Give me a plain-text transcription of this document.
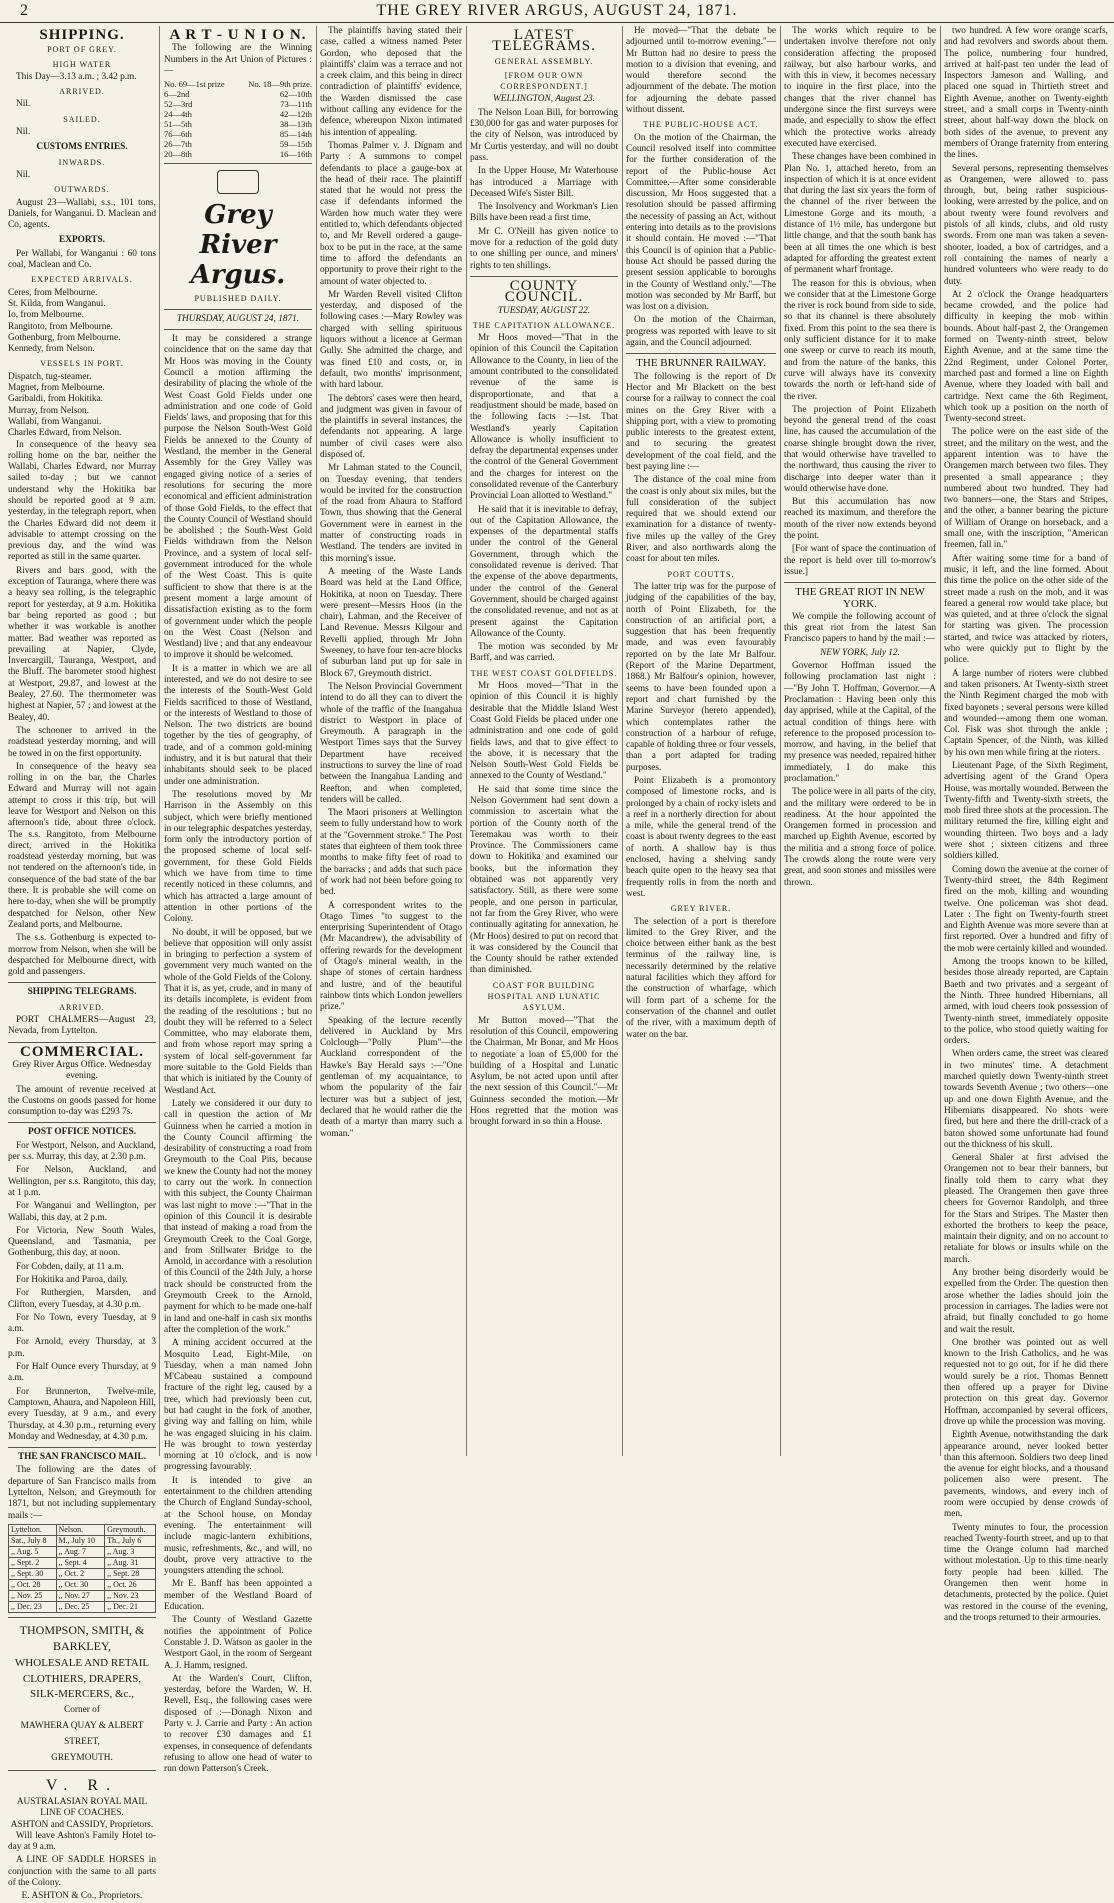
2	THE GREY RIVER ARGUS, AUGUST 24, 1871.
SHIPPING.
PORT OF GREY.
HIGH WATER

This Day—3.13 a.m. ; 3.42 p.m.

ARRIVED.

Nil.

SAILED.

Nil.

CUSTOMS ENTRIES.
INWARDS.

Nil.

OUTWARDS.

August 23—Wallabi, s.s., 101 tons, Daniels, for Wanganui. D. Maclean and Co, agents.

EXPORTS.

Per Wallabi, for Wanganui : 60 tons coal, Maclean and Co.

EXPECTED ARRIVALS.
Ceres, from Melbourne.
St. Kilda, from Wanganui.
Io, from Melbourne.
Rangitoto, from Melbourne.
Gothenburg, from Melbourne.
Kennedy, from Nelson.
VESSELS IN PORT.
Dispatch, tug-steamer.
Magnet, from Melbourne.
Garibaldi, from Hokitika.
Murray, from Nelson.
Wallabi, from Wanganui.
Charles Edward, from Nelson.

In consequence of the heavy sea rolling home on the bar, neither the Wallabi, Charles Edward, nor Murray sailed to-day ; but we cannot understand why the Hokitika bar should be reported good at 9 a.m. yesterday, in the telegraph report, when the Charles Edward did not deem it advisable to attempt crossing on the previous day, and the wind was reported as still in the same quarter.

Rivers and bars good, with the exception of Tauranga, where there was a heavy sea rolling, is the telegraphic report for yesterday, at 9 a.m. Hokitika bar being reported as good ; but whether it was workable is another matter. Bad weather was reported as prevailing at Napier, Clyde, Invercargill, Tauranga, Westport, and the Bluff. The barometer stood highest at Westport, 29.87, and lowest at the Bealey, 27.60. The thermometer was highest at Napier, 57 ; and lowest at the Bealey, 40.

The schooner to arrived in the roadstead yesterday morning, and will be towed in on the first opportunity.

In consequence of the heavy sea rolling in on the bar, the Charles Edward and Murray will not again attempt to cross it this trip, but will leave for Westport and Nelson on this afternoon's tide, about three o'clock. The s.s. Rangitoto, from Melbourne direct, arrived in the Hokitika roadstead yesterday morning, but was not tendered on the afternoon's tide, in consequence of the bad state of the bar there. It is probable she will come on here to-day, when she will be promptly despatched for Nelson, other New Zealand ports, and Melbourne.

The s.s. Gothenburg is expected to-morrow from Nelson, when she will be despatched for Melbourne direct, with gold and passengers.

SHIPPING TELEGRAMS.
ARRIVED.

PORT CHALMERS—August 23, Nevada, from Lyttelton.

COMMERCIAL.

Grey River Argus Office. Wednesday evening.

The amount of revenue received at the Customs on goods passed for home consumption to-day was £293 7s.

POST OFFICE NOTICES.

For Westport, Nelson, and Auckland, per s.s. Murray, this day, at 2.30 p.m.

For Nelson, Auckland, and Wellington, per s.s. Rangitoto, this day, at 1 p.m.

For Wanganui and Wellington, per Wallabi, this day, at 2 p.m.

For Victoria, New South Wales, Queensland, and Tasmania, per Gothenburg, this day, at noon.

For Cobden, daily, at 11 a.m.

For Hokitika and Paroa, daily.

For Ruthergien, Marsden, and Clifton, every Tuesday, at 4.30 p.m.

For No Town, every Tuesday, at 9 a.m.

For Arnold, every Thursday, at 3 p.m.

For Half Ounce every Thursday, at 9 a.m.

For Brunnerton, Twelve-mile, Camptown, Ahaura, and Napoleon Hill, every Tuesday, at 9 a.m., and every Thursday, at 4.30 p.m., returning every Monday and Wednesday, at 4.30 p.m.

THE SAN FRANCISCO MAIL.

The following are the dates of departure of San Francisco mails from Lyttelton, Nelson, and Greymouth for 1871, but not including supplementary mails :—

Lyttelton.	Nelson.	Greymouth.
Sat., July 8	M., July 10	Th., July 6
,, Aug. 5	,, Aug. 7	,, Aug. 3
,, Sept. 2	,, Sept. 4	,, Aug. 31
,, Sept. 30	,, Oct. 2	,, Sept. 28
,, Oct. 28	,, Oct. 30	,, Oct. 26
,, Nov. 25	,, Nov. 27	,, Nov. 23
,, Dec. 23	,, Dec. 25	,, Dec. 21
THOMPSON, SMITH, & BARKLEY,
WHOLESALE AND RETAIL
CLOTHIERS, DRAPERS, SILK-MERCERS, &c.,
Corner of
MAWHERA QUAY & ALBERT STREET,
GREYMOUTH.
V. R.
AUSTRALASIAN ROYAL MAIL LINE OF COACHES.
ASHTON and CASSIDY, Proprietors.

Will leave Ashton's Family Hotel to-day at 9 a.m.

A LINE OF SADDLE HORSES in conjunction with the same to all parts of the Colony.

E. ASHTON & Co., Proprietors.
A R T - U N I O N.

The following are the Winning Numbers in the Art Union of Pictures :—

No. 69—1st prize	No. 18—9th prize.
6—2nd	62—10th
52—3rd	73—11th
24—4th	42—12th
51—5th	38—13th
76—6th	85—14th
26—7th	59—15th
20—8th	16—16th
Grey River Argus.
PUBLISHED DAILY.
THURSDAY, AUGUST 24, 1871.

It may be considered a strange coincidence that on the same day that Mr Hoos was moving in the County Council a motion affirming the desirability of placing the whole of the West Coast Gold Fields under one administration and one code of Gold Fields' laws, and proposing that for this purpose the Nelson South-West Gold Fields be annexed to the County of Westland, the member in the General Assembly for the Grey Valley was engaged giving notice of a series of resolutions for securing the more economical and efficient administration of those Gold Fields, to the effect that the County Council of Westland should be abolished ; the South-West Gold Fields withdrawn from the Nelson Province, and a system of local self-government introduced for the whole of the West Coast. This is quite sufficient to show that there is at the present moment a large amount of dissatisfaction existing as to the form of government under which the people on the West Coast (Nelson and Westland) live ; and that any endeavour to improve it should be welcomed.

It is a matter in which we are all interested, and we do not desire to see the interests of the South-West Gold Fields sacrificed to those of Westland, or the interests of Westland to those of Nelson. The two districts are bound together by the ties of geography, of trade, and of a common gold-mining industry, and it is but natural that their inhabitants should seek to be placed under one administration.

The resolutions moved by Mr Harrison in the Assembly on this subject, which were briefly mentioned in our telegraphic despatches yesterday, form only the introductory portion of the proposed scheme of local self-government, for these Gold Fields which we have from time to time recently noticed in these columns, and which has attracted a large amount of attention in other portions of the Colony.

No doubt, it will be opposed, but we believe that opposition will only assist in bringing to perfection a system of government very much wanted on the whole of the Gold Fields of the Colony. That it is, as yet, crude, and in many of its details incomplete, is evident from the reading of the resolutions ; but no doubt they will be referred to a Select Committee, who may elaborate them, and from whose report may spring a system of local self-government far more suitable to the Gold Fields than that which is initiated by the County of Westland Act.

Lately we considered it our duty to call in question the action of Mr Guinness when he carried a motion in the County Council affirming the desirability of constructing a road from Greymouth to the Coal Pits, because we knew the County had not the money to carry out the work. In connection with this subject, the County Chairman was last night to move :—"That in the opinion of this Council it is desirable that instead of making a road from the Greymouth Creek to the Coal Gorge, and from Stillwater Bridge to the Arnold, in accordance with a resolution of this Council of the 24th July, a horse track should be constructed from the Greymouth Creek to the Arnold, payment for which to be made one-half in land and one-half in cash six months after the completion of the work."

A mining accident occurred at the Mosquito Lead, Eight-Mile, on Tuesday, when a man named John M'Cabeau sustained a compound fracture of the right leg, caused by a tree, which had previously been cut, but had caught in the fork of another, giving way and falling on him, while he was engaged sluicing in his claim. He was brought to town yesterday morning at 10 o'clock, and is now progressing favourably.

It is intended to give an entertainment to the children attending the Church of England Sunday-school, at the School house, on Monday evening. The entertainment will include magic-lantern exhibitions, music, refreshments, &c., and will, no doubt, prove very attractive to the youngsters attending the school.

Mr E. Banff has been appointed a member of the Westland Board of Education.

The County of Westland Gazette notifies the appointment of Police Constable J. D. Watson as gaoler in the Westport Gaol, in the room of Sergeant A. J. Hamm, resigned.

At the Warden's Court, Clifton, yesterday, before the Warden, W. H. Revell, Esq., the following cases were disposed of :—Donagh Nixon and Party v. J. Carrie and Party : An action to recover £30 damages and £1 expenses, in consequence of defendants refusing to allow one head of water to run down Patterson's Creek.

The plaintiffs having stated their case, called a witness named Peter Gordon, who deposed that the plaintiffs' claim was a terrace and not a creek claim, and this being in direct contradiction of plaintiffs' evidence, the Warden dismissed the case without calling any evidence for the defence, whereupon Nixon intimated his intention of appealing.

Thomas Palmer v. J. Dignam and Party : A summons to compel defendants to place a gauge-box at the head of their race. The plaintiff stated that he would not press the case if defendants informed the Warden how much water they were entitled to, which defendants objected to, and Mr Revell ordered a gauge-box to be put in the race, at the same time to afford the defendants an opportunity to prove their right to the amount of water objected to.

Mr Warden Revell visited Clifton yesterday, and disposed of the following cases :—Mary Rowley was charged with selling spirituous liquors without a licence at German Gully. She admitted the charge, and was fined £10 and costs, or, in default, two months' imprisonment, with hard labour.

The debtors' cases were then heard, and judgment was given in favour of the plaintiffs in several instances, the defendants not appearing. A large number of civil cases were also disposed of.

Mr Lahman stated to the Council, on Tuesday evening, that tenders would be invited for the construction of the road from Ahaura to Stafford Town, thus showing that the General Government were in earnest in the matter of constructing roads in Westland. The tenders are invited in this morning's issue.

A meeting of the Waste Lands Board was held at the Land Office, Hokitika, at noon on Tuesday. There were present—Messrs Hoos (in the chair), Lahman, and the Receiver of Land Revenue. Messrs Kilgour and Revelli applied, through Mr John Sweeney, to have four ten-acre blocks of suburban land put up for sale in Block 67, Greymouth district.

The Nelson Provincial Government intend to do all they can to divert the whole of the traffic of the Inangahua district to Westport in place of Greymouth. A paragraph in the Westport Times says that the Survey Department have received instructions to survey the line of road between the Inangahua Landing and Reefton, and when completed, tenders will be called.

The Maori prisoners at Wellington seem to fully understand how to work at the "Government stroke." The Post states that eighteen of them took three months to make fifty feet of road to the barracks ; and adds that such pace of work had not been before going to bed.

A correspondent writes to the Otago Times "to suggest to the enterprising Superintendent of Otago (Mr Macandrew), the advisability of offering rewards for the development of Otago's mineral wealth, in the shape of stones of certain hardness and lustre, and of the beautiful rainbow tints which London jewellers prize."

Speaking of the lecture recently delivered in Auckland by Mrs Colclough—"Polly Plum"—the Auckland correspondent of the Hawke's Bay Herald says :—"One gentleman of my acquaintance, to whom the popularity of the fair lecturer was but a subject of jest, declared that he would rather die the death of a martyr than marry such a woman."

LATEST TELEGRAMS.
GENERAL ASSEMBLY.
[FROM OUR OWN CORRESPONDENT.]

WELLINGTON, August 23.

The Nelson Loan Bill, for borrowing £30,000 for gas and water purposes for the city of Nelson, was introduced by Mr Curtis yesterday, and will no doubt pass.

In the Upper House, Mr Waterhouse has introduced a Marriage with Deceased Wife's Sister Bill.

The Insolvency and Workman's Lien Bills have been read a first time.

Mr C. O'Neill has given notice to move for a reduction of the gold duty to one shilling per ounce, and miners' rights to ten shillings.

COUNTY COUNCIL.

TUESDAY, AUGUST 22.

THE CAPITATION ALLOWANCE.

Mr Hoos moved—"That in the opinion of this Council the Capitation Allowance to the County, in lieu of the amount contributed to the consolidated revenue of the same is disproportionate, and that a readjustment should be made, based on the following facts :—1st. That Westland's yearly Capitation Allowance is wholly insufficient to defray the departmental expenses under the control of the General Government and the charges for interest on the consolidated revenue of the Canterbury Provincial Loan allotted to Westland."

He said that it is inevitable to defray, out of the Capitation Allowance, the expenses of the departmental staffs under the control of the General Government, through which the consolidated revenue is derived. That the expense of the above departments, under the control of the General Government, should be charged against the consolidated revenue, and not as at present against the Capitation Allowance of the County.

The motion was seconded by Mr Barff, and was carried.

THE WEST COAST GOLDFIELDS.

Mr Hoos moved—"That in the opinion of this Council it is highly desirable that the Middle Island West Coast Gold Fields be placed under one administration and one code of gold fields laws, and that to give effect to the above, it is necessary that the Nelson South-West Gold Fields be annexed to the County of Westland."

He said that some time since the Nelson Government had sent down a commission to ascertain what the portion of the County north of the Teremakau was worth to their Province. The Commissioners came down to Hokitika and examined our books, but the information they obtained was not apparently very satisfactory. Still, as there were some people, and one person in particular, not far from the Grey River, who were continually agitating for annexation, he (Mr Hoos) desired to put on record that it was considered by the Council that the County should be rather extended than diminished.

COAST FOR BUILDING HOSPITAL AND LUNATIC ASYLUM.

Mr Button moved—"That the resolution of this Council, empowering the Chairman, Mr Bonar, and Mr Hoos to negotiate a loan of £5,000 for the building of a Hospital and Lunatic Asylum, be not acted upon until after the next session of this Council."—Mr Guinness seconded the motion.—Mr Hoos regretted that the motion was brought forward in so thin a House.

He moved—"That the debate be adjourned until to-morrow evening."—Mr Button had no desire to press the motion to a division that evening, and would therefore second the adjournment of the debate. The motion for adjourning the debate passed without dissent.

THE PUBLIC-HOUSE ACT.

On the motion of the Chairman, the Council resolved itself into committee for the further consideration of the report of the Public-house Act Committee.—After some considerable discussion, Mr Hoos suggested that a resolution should be passed affirming the necessity of passing an Act, without entering into details as to the provisions it should contain. He moved :—"That this Council is of opinion that a Public-house Act should be passed during the present session applicable to boroughs in the County of Westland only."—The motion was seconded by Mr Barff, but was lost on a division.

On the motion of the Chairman, progress was reported with leave to sit again, and the Council adjourned.

THE BRUNNER RAILWAY.

The following is the report of Dr Hector and Mr Blackett on the best course for a railway to connect the coal mines on the Grey River with a shipping port, with a view to promoting public interests to the greatest extent, and to securing the greatest development of the coal field, and the best paying line :—

The distance of the coal mine from the coast is only about six miles, but the full consideration of the subject required that we should extend our examination for a distance of twenty-five miles up the valley of the Grey River, and also northwards along the coast for about ten miles.

PORT COUTTS.

The latter trip was for the purpose of judging of the capabilities of the bay, north of Point Elizabeth, for the construction of an artificial port, a suggestion that has been frequently made, and was even favourably reported on by the late Mr Balfour. (Report of the Marine Department, 1868.) Mr Balfour's opinion, however, seems to have been founded upon a report and chart furnished by the Marine Surveyor (hereto appended), which contemplates rather the construction of a harbour of refuge, capable of holding three or four vessels, than a port adapted for trading purposes.

Point Elizabeth is a promontory composed of limestone rocks, and is prolonged by a chain of rocky islets and a reef in a northerly direction for about a mile, while the general trend of the coast is about twenty degrees to the east of north. A shallow bay is thus enclosed, having a shelving sandy beach quite open to the heavy sea that frequently rolls in from the north and west.

GREY RIVER.

The selection of a port is therefore limited to the Grey River, and the choice between either bank as the best terminus of the railway line, is necessarily determined by the relative natural facilities which they afford for the construction of wharfage, which will form part of a scheme for the conservation of the channel and outlet of the river, with a maximum depth of water on the bar.

The works which require to be undertaken involve therefore not only consideration affecting the proposed railway, but also harbour works, and with this in view, it becomes necessary to inquire in the first place, into the changes that the river channel has undergone since the first surveys were made, and especially to show the effect which the protective works already executed have exercised.

These changes have been combined in Plan No. 1, attached hereto, from an inspection of which it is at once evident that during the last six years the form of the channel of the river between the Limestone Gorge and its mouth, a distance of 1½ mile, has undergone but little change, and that the south bank has been at all times the one which is best adapted for affording the greatest extent of permanent wharf frontage.

The reason for this is obvious, when we consider that at the Limestone Gorge the river is rock bound from side to side, so that its channel is there absolutely fixed. From this point to the sea there is only sufficient distance for it to make one sweep or curve to reach its mouth, and from the nature of the banks, this curve will always have its convexity towards the north or left-hand side of the river.

The projection of Point Elizabeth beyond the general trend of the coast line, has caused the accumulation of the coarse shingle brought down the river, that would otherwise have travelled to the northward, thus causing the river to discharge into deeper water than it would otherwise have done.

But this accumulation has now reached its maximum, and therefore the mouth of the river now extends beyond the point.

[For want of space the continuation of the report is held over till to-morrow's issue.]

THE GREAT RIOT IN NEW YORK.

We compile the following account of this great riot from the latest San Francisco papers to hand by the mail :—

NEW YORK, July 12.

Governor Hoffman issued the following proclamation last night :—"By John T. Hoffman, Governor.—A Proclamation : Having been only this day apprised, while at the Capital, of the actual condition of things here with reference to the proposed procession to-morrow, and having, in the belief that my presence was needed, repaired hither immediately, I do make this proclamation."

The police were in all parts of the city, and the military were ordered to be in readiness. At the hour appointed the Orangemen formed in procession and marched up Eighth Avenue, escorted by the militia and a strong force of police. The crowds along the route were very great, and soon stones and missiles were thrown.

two hundred. A few wore orange scarfs, and had revolvers and swords about them. The police, numbering four hundred, arrived at half-past ten under the lead of Inspectors Jameson and Walling, and placed one squad in Thirtieth street and Eighth Avenue, another on Twenty-eighth street, and a small corps in Twenty-ninth street, about half-way down the block on both sides of the avenue, to prevent any members of Orange fraternity from entering the lines.

Several persons, representing themselves as Orangemen, were allowed to pass through, but, being rather suspicious-looking, were arrested by the police, and on about twenty were found revolvers and pistols of all kinds, clubs, and old rusty swords. From one man was taken a seven-shooter, loaded, a box of cartridges, and a roll containing the names of nearly a hundred volunteers who were ready to do duty.

At 2 o'clock the Orange headquarters became crowded, and the police had difficulty in keeping the mob within bounds. About half-past 2, the Orangemen formed on Twenty-ninth street, below Eighth Avenue, and at the same time the 22nd Regiment, under Colonel Porter, marched past and formed a line on Eighth Avenue, where they loaded with ball and cartridge. Next came the 6th Regiment, which took up a position on the north of Twenty-second street.

The police were on the east side of the street, and the military on the west, and the apparent intention was to have the Orangemen march between two files. They presented a small appearance ; they numbered about two hundred. They had two banners—one, the Stars and Stripes, and the other, a banner bearing the picture of William of Orange on horseback, and a small one, with the inscription, "American freemen, fall in."

After waiting some time for a band of music, it left, and the line formed. About this time the police on the other side of the street made a rush on the mob, and it was feared a general row would take place, but was quieted, and at three o'clock the signal for starting was given. The procession started, and twice was attacked by rioters, who were quickly put to flight by the police.

A large number of rioters were clubbed and taken prisoners. At Twenty-sixth street the Ninth Regiment charged the mob with fixed bayonets ; several persons were killed and wounded—among them one woman. Col. Fisk was shot through the ankle ; Captain Spencer, of the Ninth, was killed by his own men while firing at the rioters.

Lieutenant Page, of the Sixth Regiment, advertising agent of the Grand Opera House, was mortally wounded. Between the Twenty-fifth and Twenty-sixth streets, the mob fired three shots at the procession. The military returned the fire, killing eight and wounding thirteen. Two boys and a lady were shot ; sixteen citizens and three soldiers killed.

Coming down the avenue at the corner of Twenty-third street, the 84th Regiment fired on the mob, killing and wounding twelve. One policeman was shot dead. Later : The fight on Twenty-fourth street and Eighth Avenue was more severe than at first reported. Over a hundred and fifty of the mob were certainly killed and wounded.

Among the troops known to be killed, besides those already reported, are Captain Baeth and two privates and a sergeant of the Ninth. Three hundred Hibernians, all armed, with loud cheers took possession of Twenty-ninth street, immediately opposite to the police, who stood quietly waiting for orders.

When orders came, the street was cleared in two minutes' time. A detachment marched quietly down Twenty-ninth street towards Seventh Avenue ; two others—one up and one down Eighth Avenue, and the Hibernians disappeared. No shots were fired, but here and there the drill-crack of a baton showed some unfortunate had found out the thickness of his skull.

General Shaler at first advised the Orangemen not to bear their banners, but finally told them to carry what they pleased. The Orangemen then gave three cheers for Governor Randolph, and three for the Stars and Stripes. The Master then exhorted the brothers to keep the peace, maintain their dignity, and on no account to retaliate for blows or insults while on the march.

Any brother being disorderly would be expelled from the Order. The question then arose whether the ladies should join the procession in carriages. The ladies were not afraid, but finally concluded to go home and wait the result.

One brother was pointed out as well known to the Irish Catholics, and he was requested not to go out, for if he did there would surely be a riot. Thomas Bennett then offered up a prayer for Divine protection on this great day. Governor Hoffman, accompanied by several officers, drove up while the procession was moving.

Eighth Avenue, notwithstanding the dark appearance around, never looked better than this afternoon. Soldiers two deep lined the avenue for eight blocks, and a thousand policemen also were present. The pavements, windows, and every inch of room were occupied by dense crowds of men.

Twenty minutes to four, the procession reached Twenty-fourth street, and up to that time the Orange column had marched without molestation. Up to this time nearly forty people had been killed. The Orangemen then went home in detachments, protected by the police. Quiet was restored in the course of the evening, and the troops returned to their armouries.
